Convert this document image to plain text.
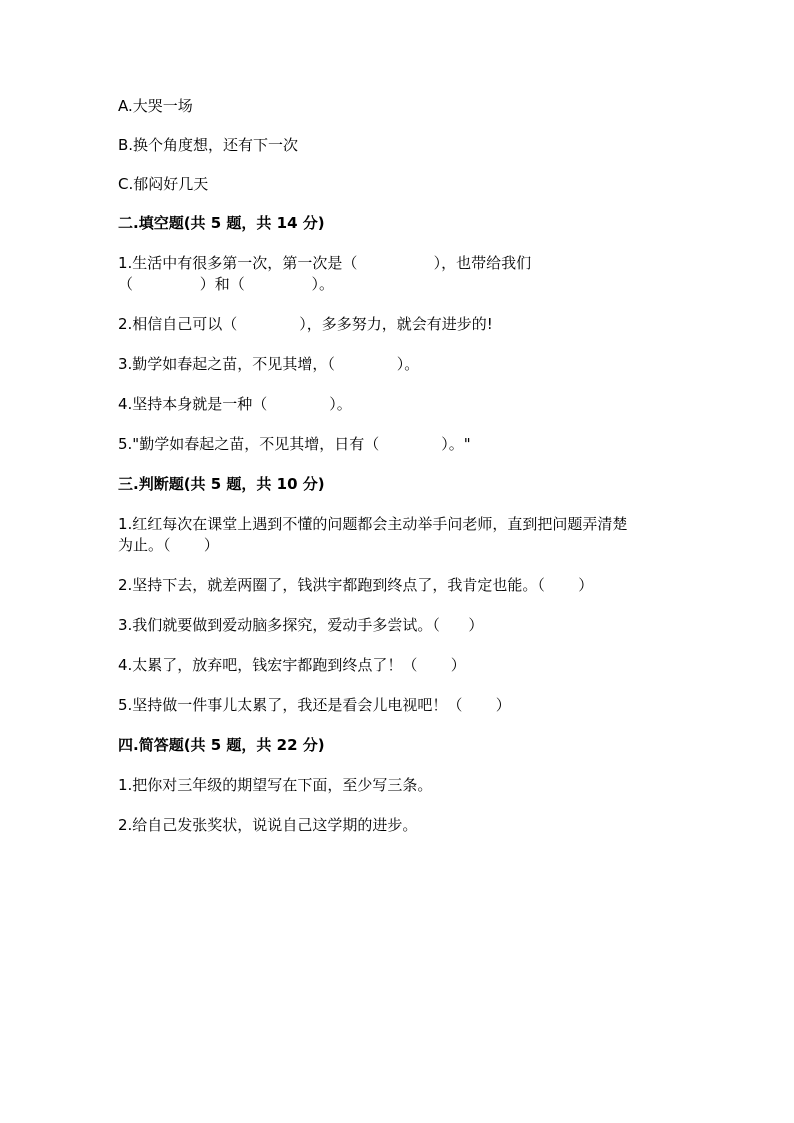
A.大哭一场
B.换个角度想，还有下一次
C.郁闷好几天
二.填空题(共 5 题，共 14 分)
1.生活中有很多第一次，第一次是（                ），也带给我们
（              ）和（              ）。
2.相信自己可以（             ），多多努力，就会有进步的!
3.勤学如春起之苗，不见其增，（             ）。
4.坚持本身就是一种（             ）。
5."勤学如春起之苗，不见其增，日有（             ）。"
三.判断题(共 5 题，共 10 分)
1.红红每次在课堂上遇到不懂的问题都会主动举手问老师，直到把问题弄清楚
为止。（       ）
2.坚持下去，就差两圈了，钱洪宇都跑到终点了，我肯定也能。（       ）
3.我们就要做到爱动脑多探究，爱动手多尝试。（      ）
4.太累了，放弃吧，钱宏宇都跑到终点了！（       ）
5.坚持做一件事儿太累了，我还是看会儿电视吧！（       ）
四.简答题(共 5 题，共 22 分)
1.把你对三年级的期望写在下面，至少写三条。
2.给自己发张奖状，说说自己这学期的进步。
